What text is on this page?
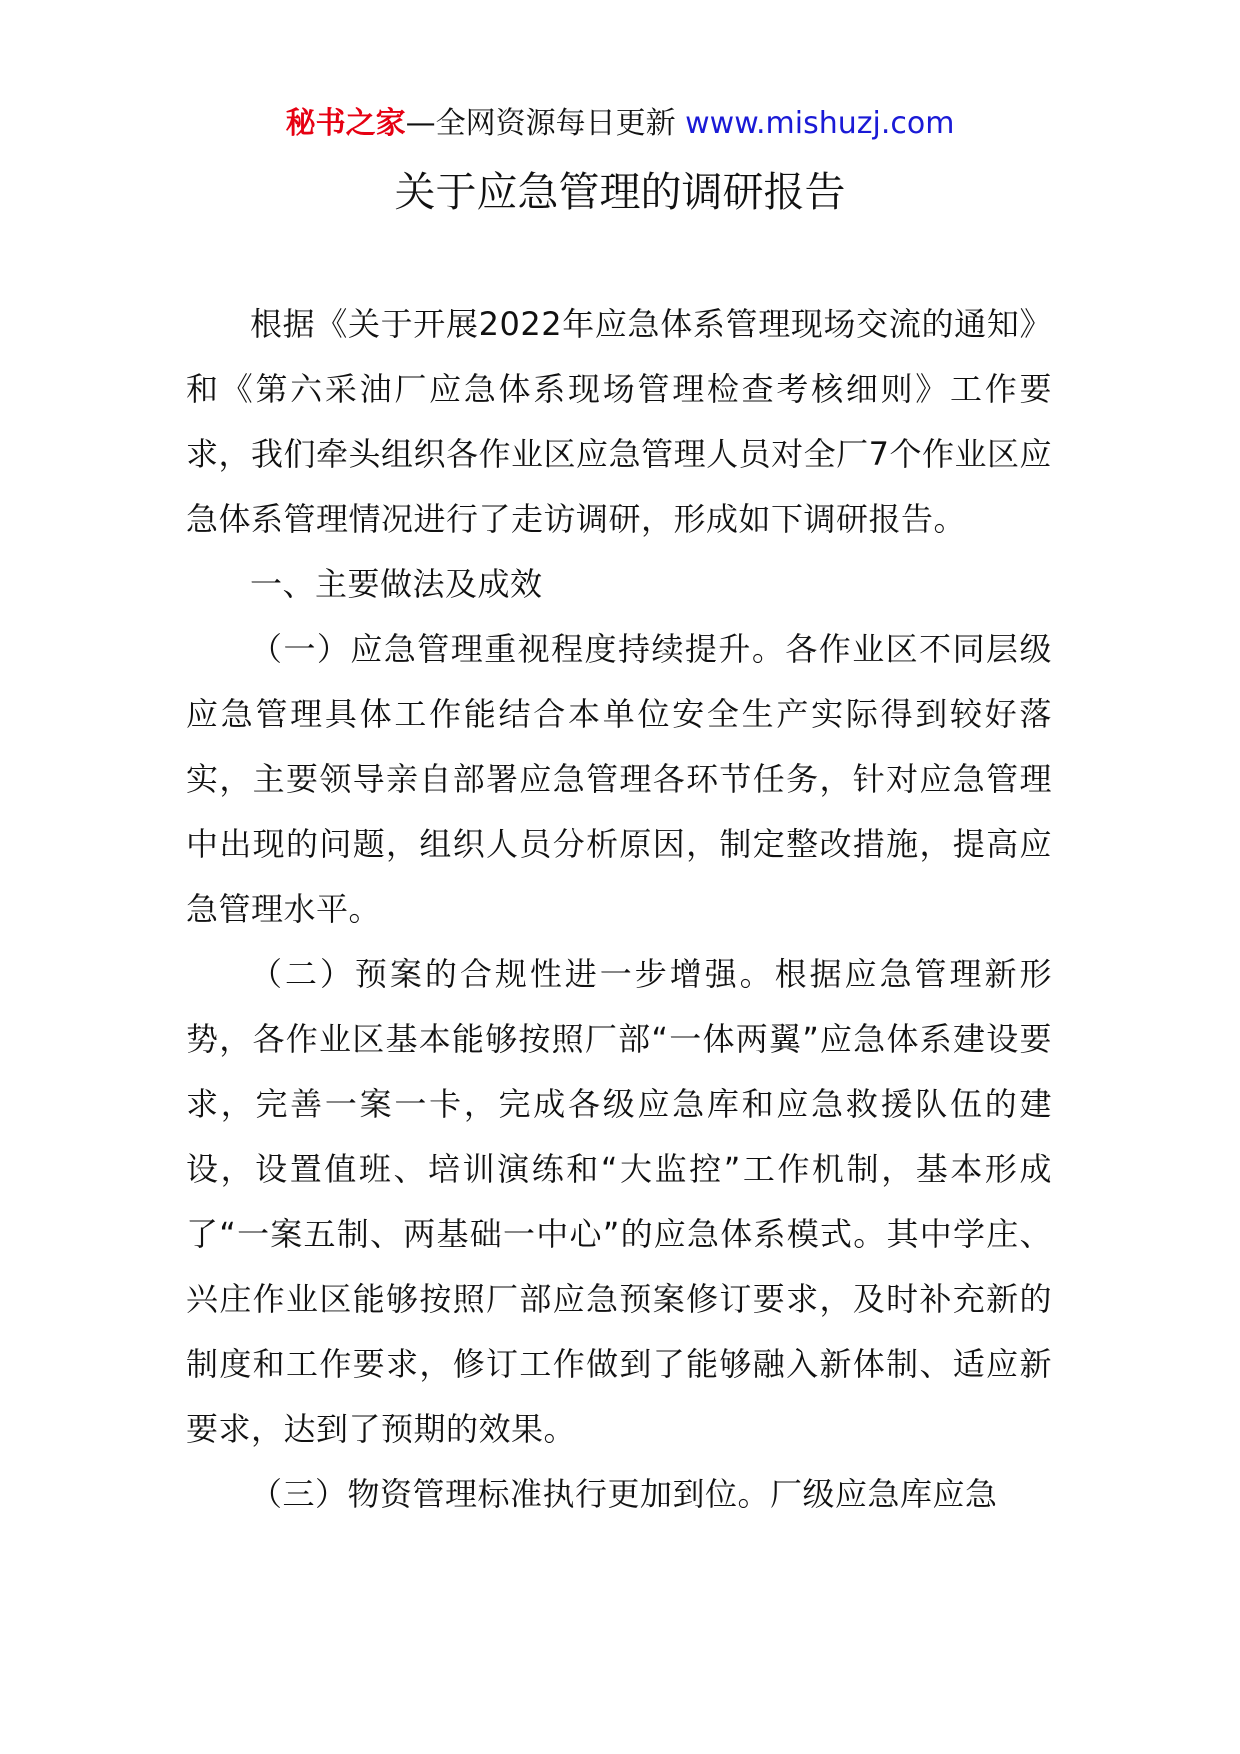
秘书之家—全网资源每日更新 www.mishuzj.com
关于应急管理的调研报告

根据《关于开展2022年应急体系管理现场交流的通知》和《第六采油厂应急体系现场管理检查考核细则》工作要求，我们牵头组织各作业区应急管理人员对全厂7个作业区应急体系管理情况进行了走访调研，形成如下调研报告。

一、主要做法及成效

（一）应急管理重视程度持续提升。各作业区不同层级应急管理具体工作能结合本单位安全生产实际得到较好落实，主要领导亲自部署应急管理各环节任务，针对应急管理中出现的问题，组织人员分析原因，制定整改措施，提高应急管理水平。

（二）预案的合规性进一步增强。根据应急管理新形势，各作业区基本能够按照厂部“一体两翼”应急体系建设要求，完善一案一卡，完成各级应急库和应急救援队伍的建设，设置值班、培训演练和“大监控”工作机制，基本形成了“一案五制、两基础一中心”的应急体系模式。其中学庄、兴庄作业区能够按照厂部应急预案修订要求，及时补充新的制度和工作要求，修订工作做到了能够融入新体制、适应新要求，达到了预期的效果。

（三）物资管理标准执行更加到位。厂级应急库应急
